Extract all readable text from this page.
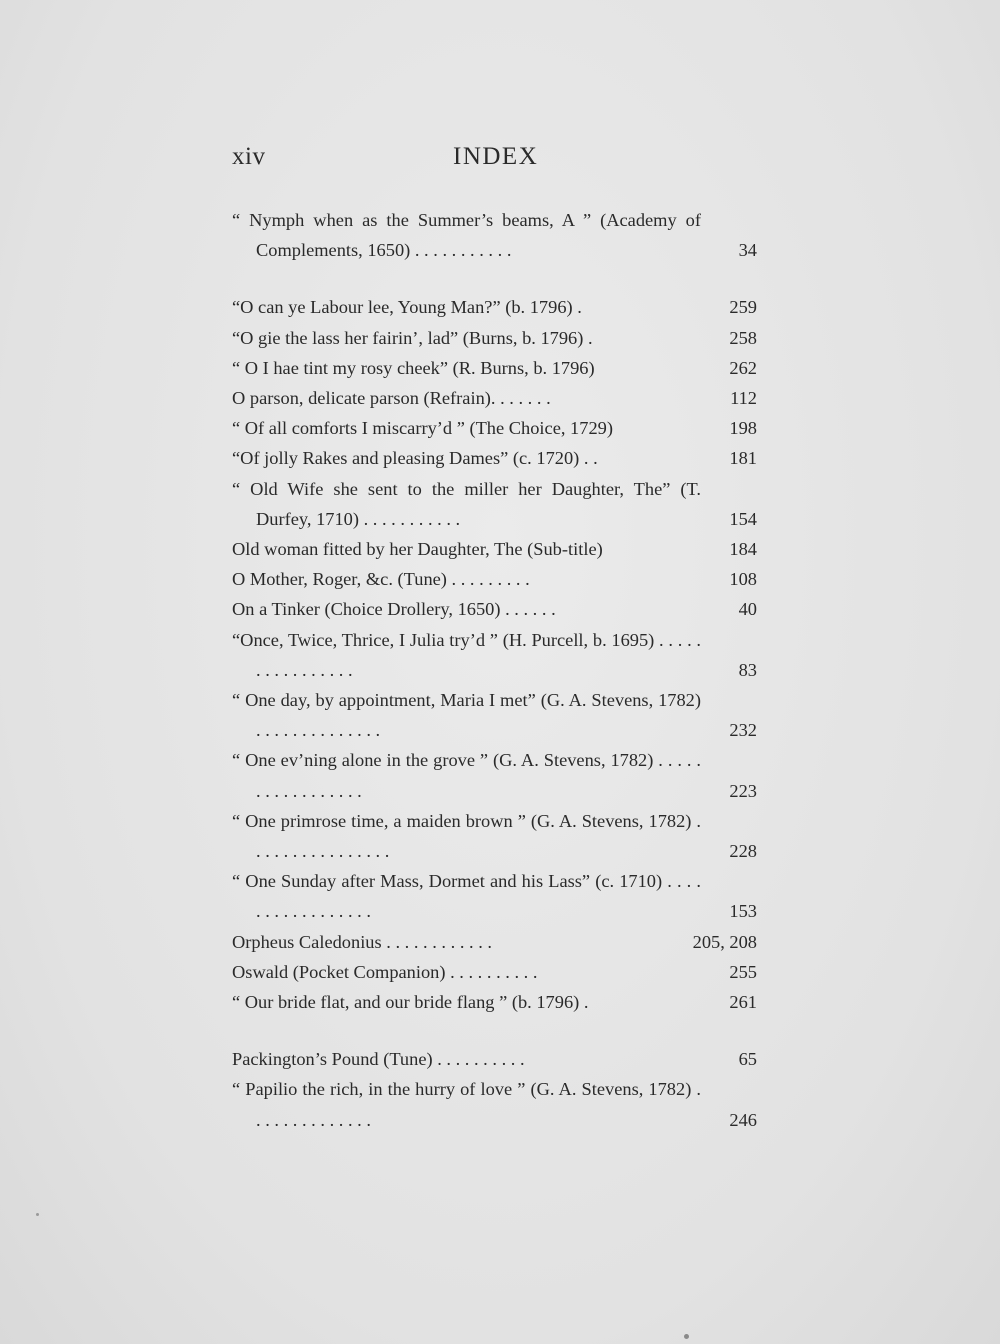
xiv	INDEX
“ Nymph when as the Summer’s beams, A ” (Academy of Complements, 1650) . . . . . . . . . . .	34
“O can ye Labour lee, Young Man?” (b. 1796) .	259
“O gie the lass her fairin’, lad” (Burns, b. 1796) .	258
“ O I hae tint my rosy cheek” (R. Burns, b. 1796)	262
O parson, delicate parson (Refrain). . . . . . .	112
“ Of all comforts I miscarry’d ” (The Choice, 1729)	198
“Of jolly Rakes and pleasing Dames” (c. 1720) . .	181
“ Old Wife she sent to the miller her Daughter, The” (T. Durfey, 1710) . . . . . . . . . . .	154
Old woman fitted by her Daughter, The (Sub-title)	184
O Mother, Roger, &c. (Tune) . . . . . . . . .	108
On a Tinker (Choice Drollery, 1650) . . . . . .	40
“Once, Twice, Thrice, I Julia try’d ” (H. Purcell, b. 1695) . . . . . . . . . . . . . . . .	83
“ One day, by appointment, Maria I met” (G. A. Stevens, 1782) . . . . . . . . . . . . . .	232
“ One ev’ning alone in the grove ” (G. A. Stevens, 1782) . . . . . . . . . . . . . . . . .	223
“ One primrose time, a maiden brown ” (G. A. Stevens, 1782) . . . . . . . . . . . . . . . .	228
“ One Sunday after Mass, Dormet and his Lass” (c. 1710) . . . . . . . . . . . . . . . . .	153
Orpheus Caledonius . . . . . . . . . . . .	205, 208
Oswald (Pocket Companion) . . . . . . . . . .	255
“ Our bride flat, and our bride flang ” (b. 1796) .	261
Packington’s Pound (Tune) . . . . . . . . . .	65
“ Papilio the rich, in the hurry of love ” (G. A. Stevens, 1782) . . . . . . . . . . . . . .	246
